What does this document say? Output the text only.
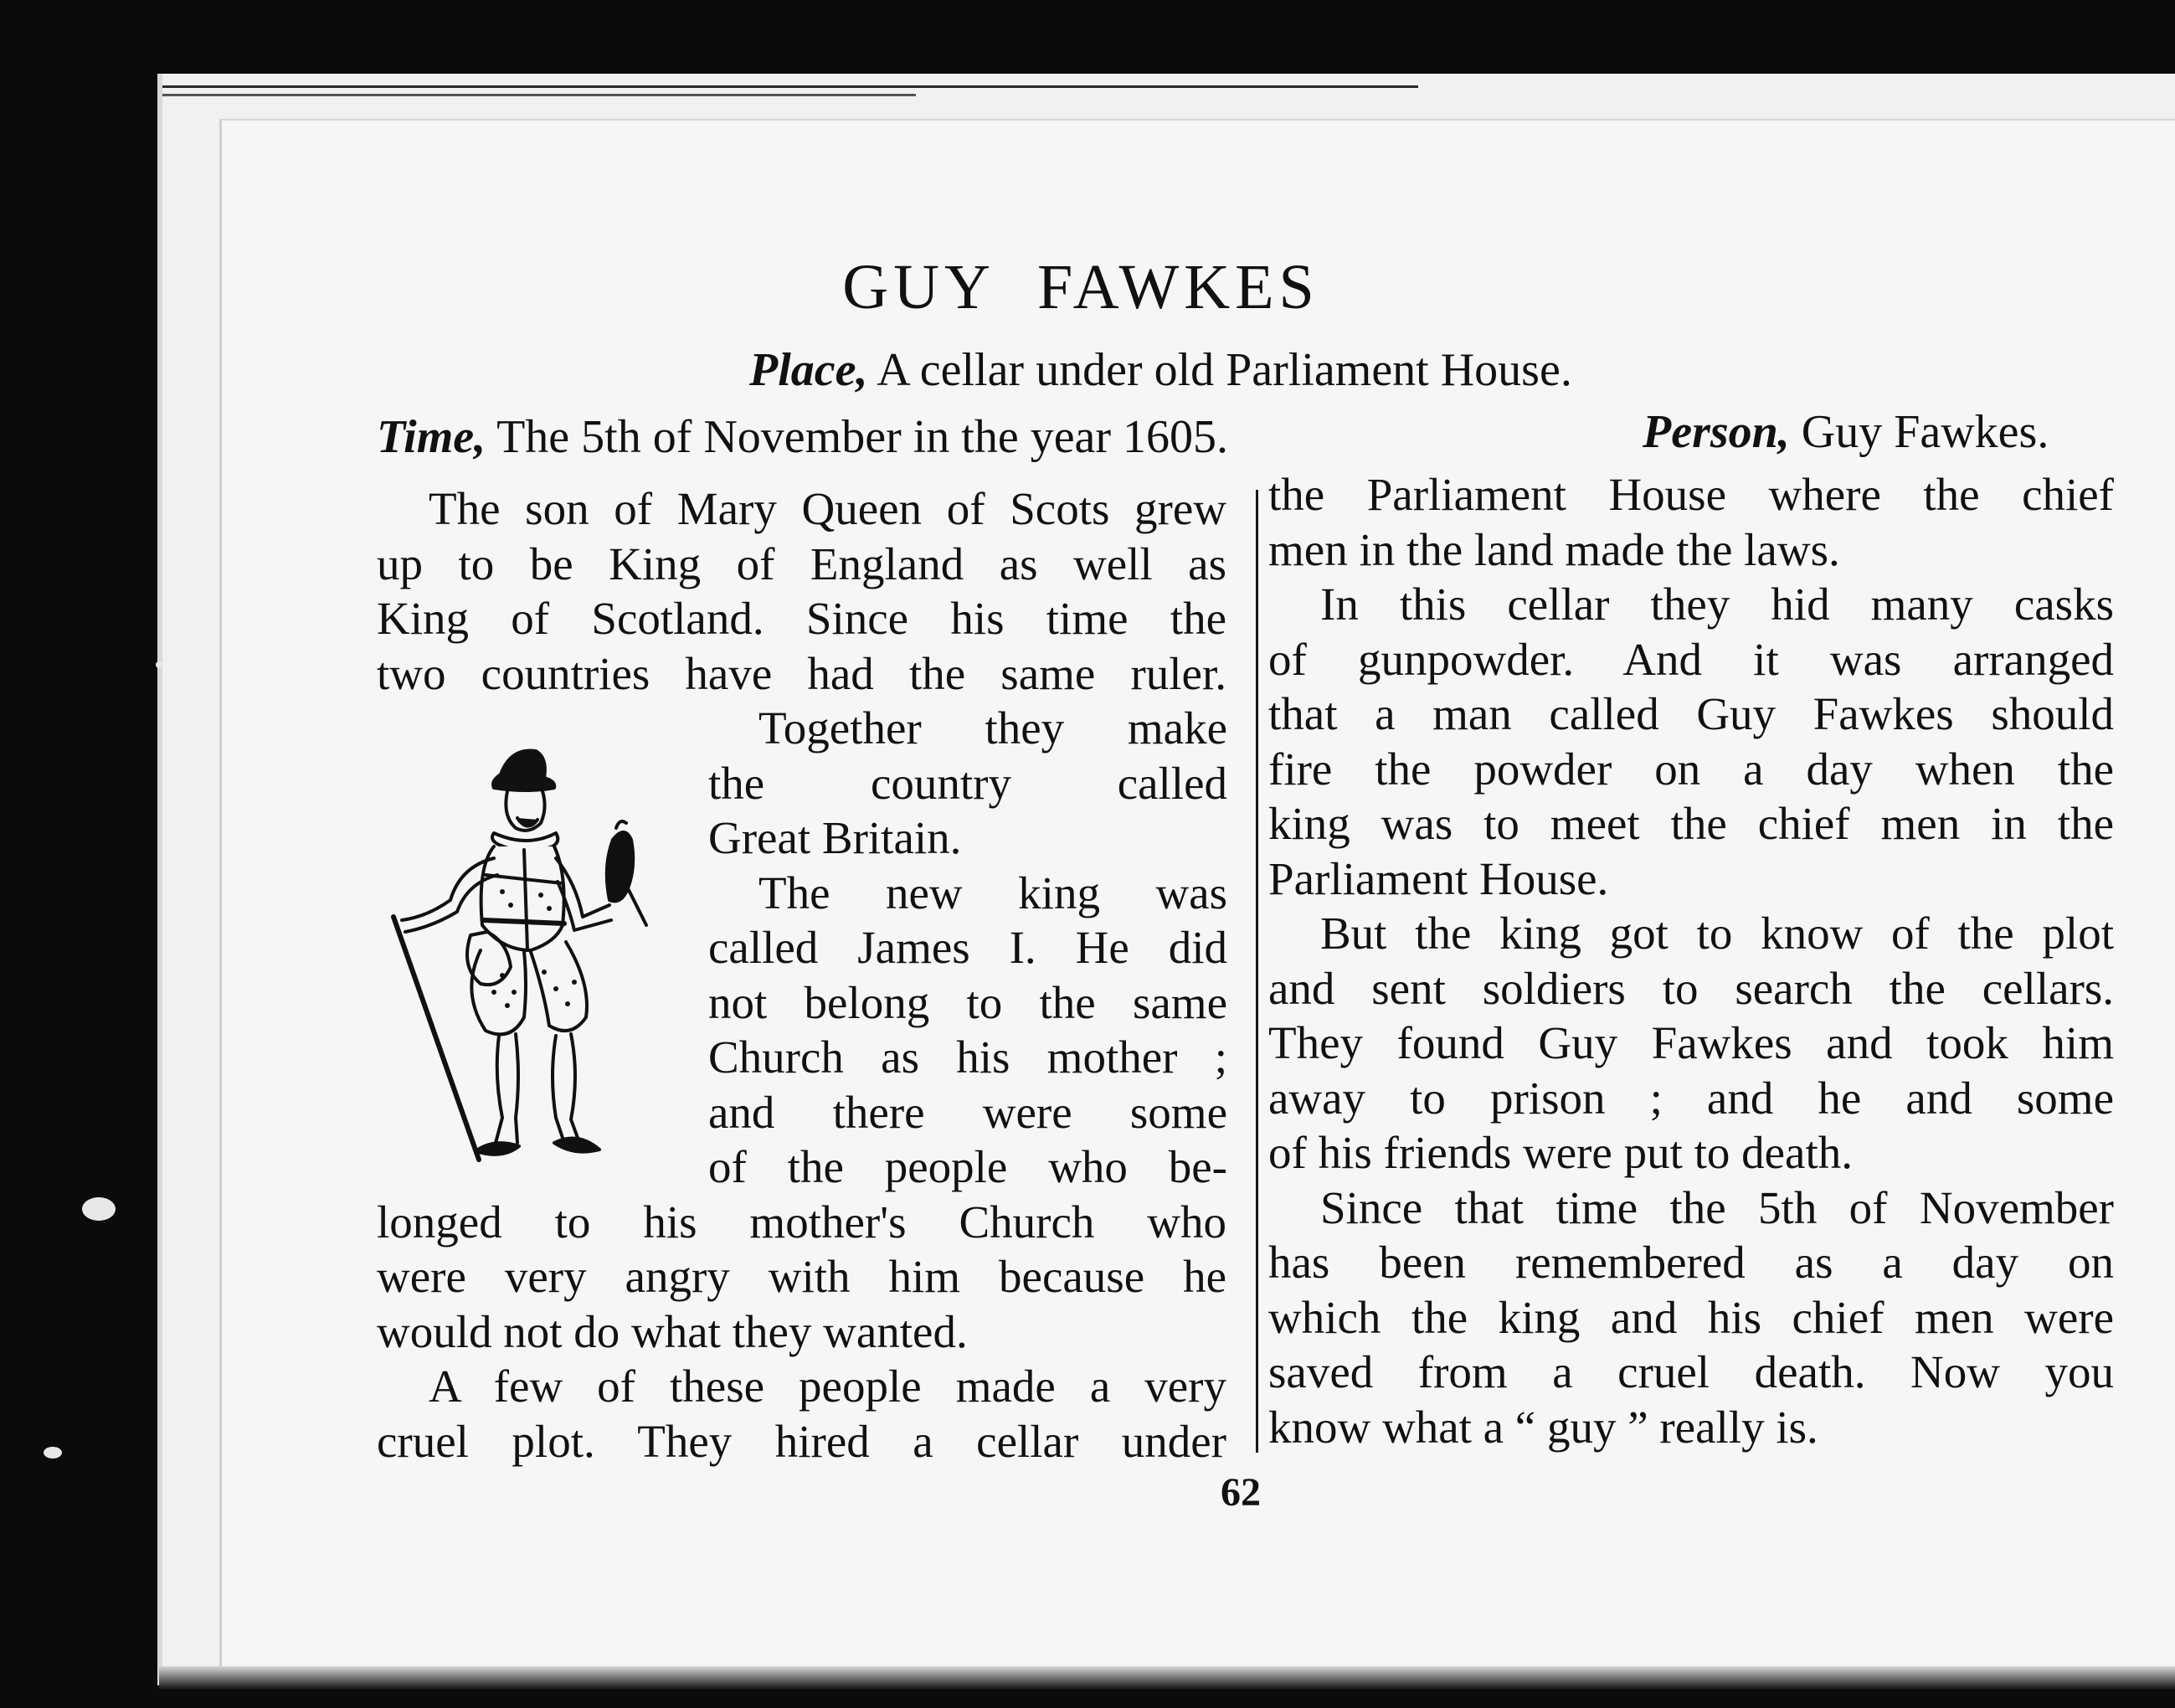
GUY FAWKES
Place, A cellar under old Parliament House.
Time, The 5th of November in the year 1605.	Person, Guy Fawkes.
The son of Mary Queen of Scots grew
up to be King of England as well as
King of Scotland. Since his time the
two countries have had the same ruler.
Together they make
the country called
Great Britain.
The new king was
called James I. He did
not belong to the same
Church as his mother ;
and there were some
of the people who be-
longed to his mother's Church who
were very angry with him because he
would not do what they wanted.
A few of these people made a very
cruel plot. They hired a cellar under
the Parliament House where the chief
men in the land made the laws.
In this cellar they hid many casks
of gunpowder. And it was arranged
that a man called Guy Fawkes should
fire the powder on a day when the
king was to meet the chief men in the
Parliament House.
But the king got to know of the plot
and sent soldiers to search the cellars.
They found Guy Fawkes and took him
away to prison ; and he and some
of his friends were put to death.
Since that time the 5th of November
has been remembered as a day on
which the king and his chief men were
saved from a cruel death. Now you
know what a “ guy ” really is.
62
